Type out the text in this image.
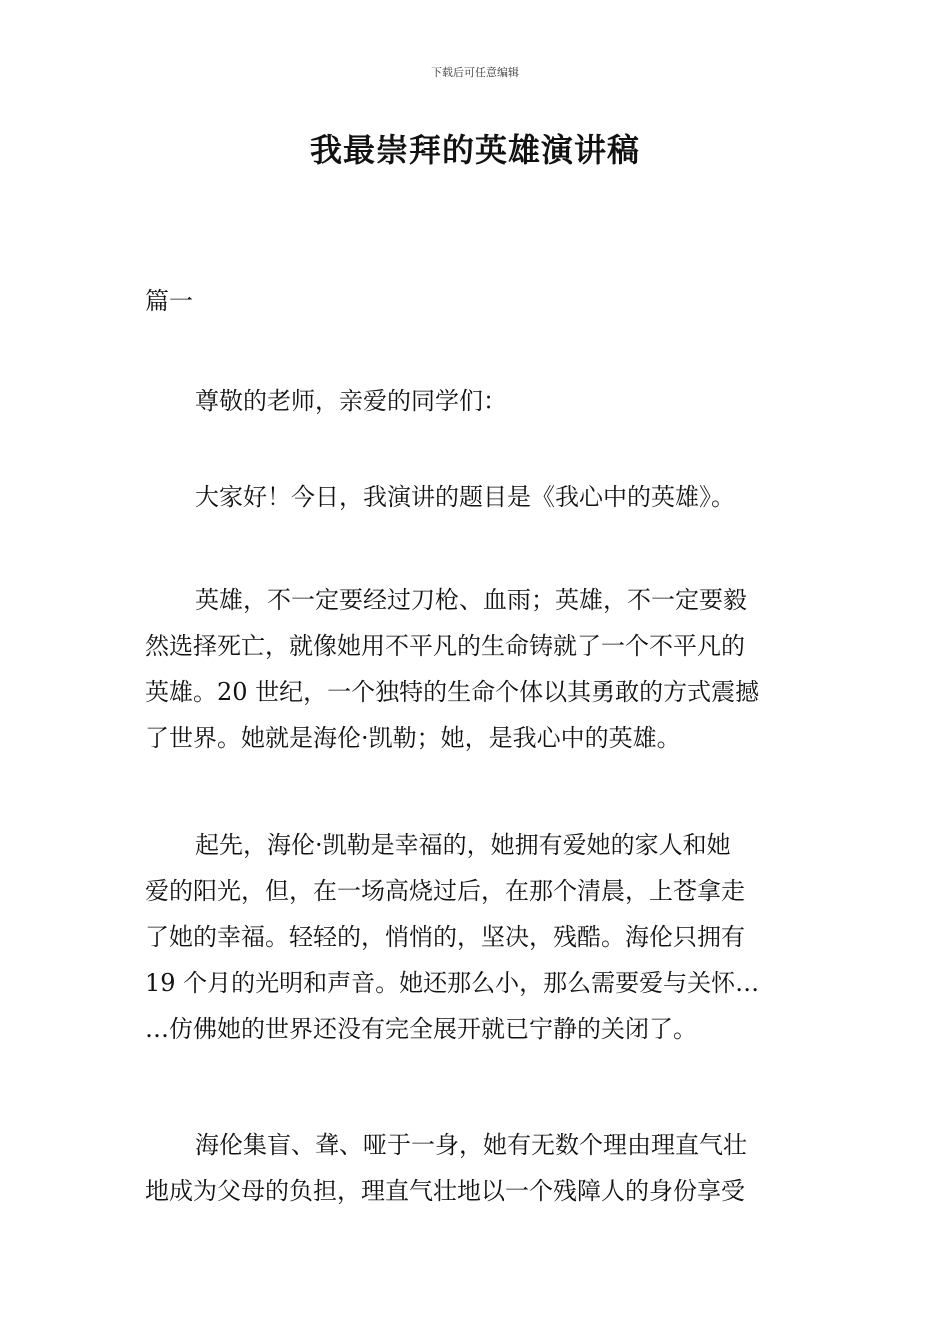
下载后可任意编辑
我最崇拜的英雄演讲稿

篇一

尊敬的老师，亲爱的同学们：

大家好！今日，我演讲的题目是《我心中的英雄》。

英雄，不一定要经过刀枪、血雨；英雄，不一定要毅
然选择死亡，就像她用不平凡的生命铸就了一个不平凡的
英雄。20 世纪，一个独特的生命个体以其勇敢的方式震撼
了世界。她就是海伦·凯勒；她，是我心中的英雄。

起先，海伦·凯勒是幸福的，她拥有爱她的家人和她
爱的阳光，但，在一场高烧过后，在那个清晨，上苍拿走
了她的幸福。轻轻的，悄悄的，坚决，残酷。海伦只拥有
19 个月的光明和声音。她还那么小，那么需要爱与关怀…
…仿佛她的世界还没有完全展开就已宁静的关闭了。

海伦集盲、聋、哑于一身，她有无数个理由理直气壮
地成为父母的负担，理直气壮地以一个残障人的身份享受
